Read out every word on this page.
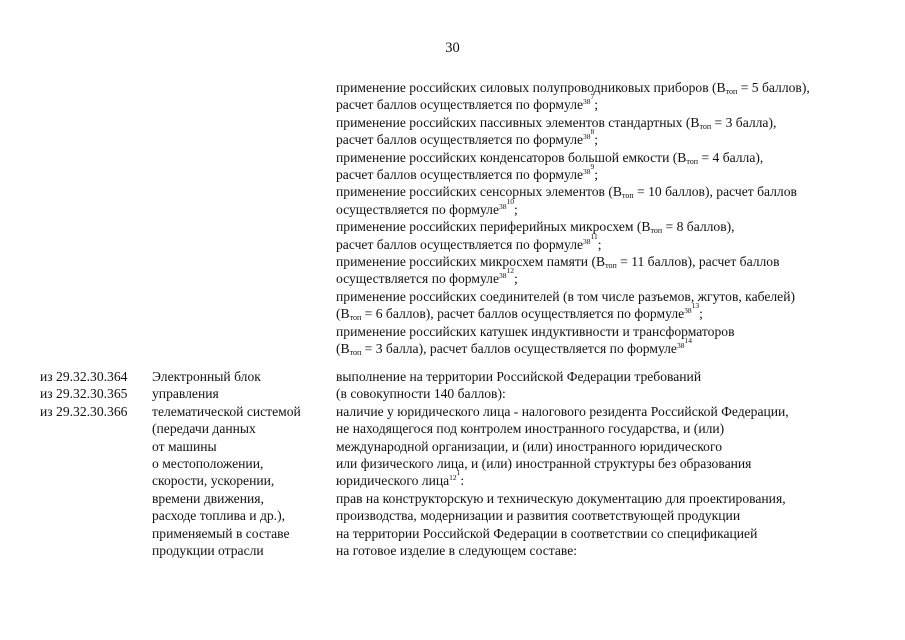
30
применение российских силовых полупроводниковых приборов ($B_{топ} = 5$ баллов),
расчет баллов осуществляется по формуле$^{38^7}$;
применение российских пассивных элементов стандартных ($B_{топ} = 3$ балла),
расчет баллов осуществляется по формуле$^{38^8}$;
применение российских конденсаторов большой емкости ($B_{топ} = 4$ балла),
расчет баллов осуществляется по формуле$^{38^9}$;
применение российских сенсорных элементов ($B_{топ} = 10$ баллов), расчет баллов
осуществляется по формуле$^{38^{10}}$;
применение российских периферийных микросхем ($B_{топ} = 8$ баллов),
расчет баллов осуществляется по формуле$^{38^{11}}$;
применение российских микросхем памяти ($B_{топ} = 11$ баллов), расчет баллов
осуществляется по формуле$^{38^{12}}$;
применение российских соединителей (в том числе разъемов, жгутов, кабелей)
($B_{топ} = 6$ баллов), расчет баллов осуществляется по формуле$^{38^{13}}$;
применение российских катушек индуктивности и трансформаторов
($B_{топ} = 3$ балла), расчет баллов осуществляется по формуле$^{38^{14}}$
из 29.32.30.364
из 29.32.30.365
из 29.32.30.366
Электронный блок
управления
телематической системой
(передачи данных
от машины
о местоположении,
скорости, ускорении,
времени движения,
расходе топлива и др.),
применяемый в составе
продукции отрасли
выполнение на территории Российской Федерации требований
(в совокупности 140 баллов):
наличие у юридического лица - налогового резидента Российской Федерации,
не находящегося под контролем иностранного государства, и (или)
международной организации, и (или) иностранного юридического
или физического лица, и (или) иностранной структуры без образования
юридического лица$^{12^1}$:
прав на конструкторскую и техническую документацию для проектирования,
производства, модернизации и развития соответствующей продукции
на территории Российской Федерации в соответствии со спецификацией
на готовое изделие в следующем составе:
